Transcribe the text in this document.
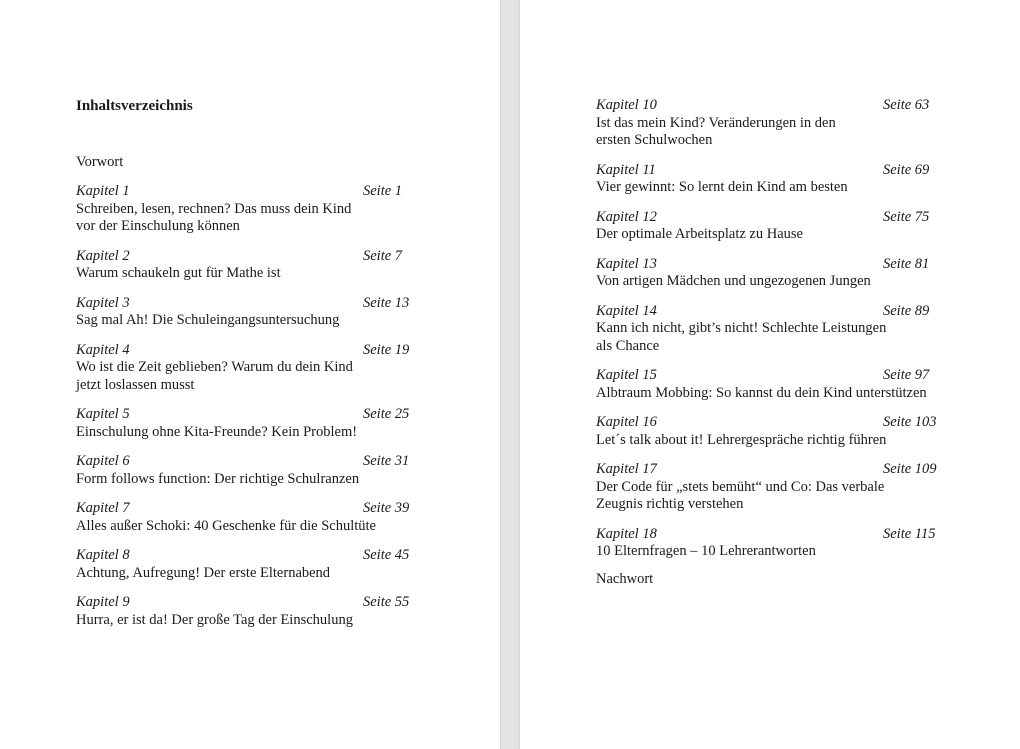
Inhaltsverzeichnis
Vorwort
Kapitel 1	Seite 1
Schreiben, lesen, rechnen? Das muss dein Kind
vor der Einschulung können
Kapitel 2	Seite 7
Warum schaukeln gut für Mathe ist
Kapitel 3	Seite 13
Sag mal Ah! Die Schuleingangsuntersuchung
Kapitel 4	Seite 19
Wo ist die Zeit geblieben? Warum du dein Kind
jetzt loslassen musst
Kapitel 5	Seite 25
Einschulung ohne Kita-Freunde? Kein Problem!
Kapitel 6	Seite 31
Form follows function: Der richtige Schulranzen
Kapitel 7	Seite 39
Alles außer Schoki: 40 Geschenke für die Schultüte
Kapitel 8	Seite 45
Achtung, Aufregung! Der erste Elternabend
Kapitel 9	Seite 55
Hurra, er ist da! Der große Tag der Einschulung
Nachwort
Kapitel 10	Seite 63
Ist das mein Kind? Veränderungen in den
ersten Schulwochen
Kapitel 11	Seite 69
Vier gewinnt: So lernt dein Kind am besten
Kapitel 12	Seite 75
Der optimale Arbeitsplatz zu Hause
Kapitel 13	Seite 81
Von artigen Mädchen und ungezogenen Jungen
Kapitel 14	Seite 89
Kann ich nicht, gibt’s nicht! Schlechte Leistungen
als Chance
Kapitel 15	Seite 97
Albtraum Mobbing: So kannst du dein Kind unterstützen
Kapitel 16	Seite 103
Let´s talk about it! Lehrergespräche richtig führen
Kapitel 17	Seite 109
Der Code für „stets bemüht“ und Co: Das verbale
Zeugnis richtig verstehen
Kapitel 18	Seite 115
10 Elternfragen – 10 Lehrerantworten
